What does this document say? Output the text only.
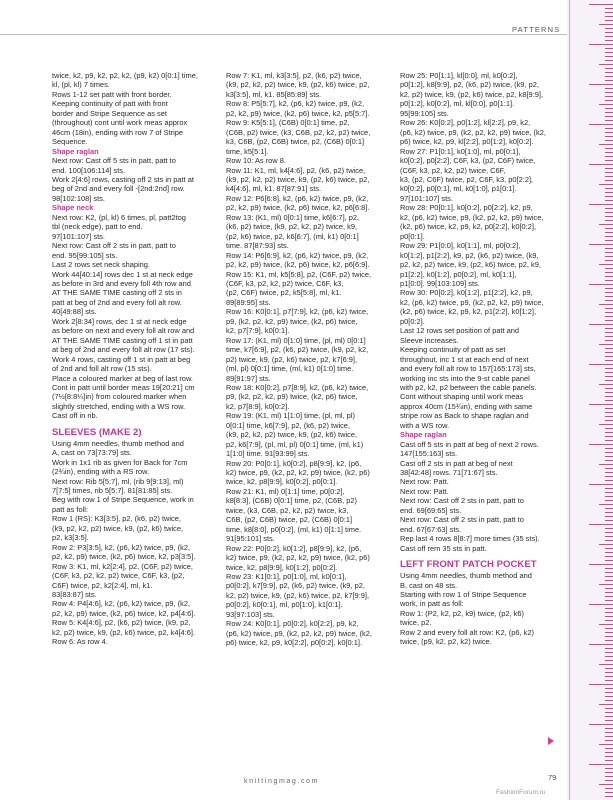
PATTERNS

twice, k2, p9, k2, p2, k2, (p9, k2) 0[0:1] time,

kl, (pl, kl) 7 times.

Rows 1-12 set patt with front border.

Keeping continuity of patt with front

border and Stripe Sequence as set

(throughout) cont until work meas approx

46cm (18in), ending with row 7 of Stripe

Sequence.

Shape raglan

Next row: Cast off 5 sts in patt, patt to

end. 100[106:114] sts.

Work 2[4:6] rows, casting off 2 sts in patt at

beg of 2nd and every foll -[2nd:2nd] row.

98[102:108] sts.

Shape neck

Next row: K2, (pl, kl) 6 times, pl, patt2tog

tbl (neck edge), patt to end.

97[101:107] sts.

Next row: Cast off 2 sts in patt, patt to

end. 95[99:105] sts.

Last 2 rows set neck shaping.

Work 44[40:14] rows dec 1 st at neck edge

as before in 3rd and every foll 4th row and

AT THE SAME TIME casting off 2 sts in

patt at beg of 2nd and every foll alt row.

40[49:88] sts.

Work 2[8:34] rows, dec 1 st at neck edge

as before on next and every foll alt row and

AT THE SAME TIME casting off 1 st in patt

at beg of 2nd and every foll alt row (17 sts).

Work 4 rows, casting off 1 st in patt at beg

of 2nd and foll alt row (15 sts).

Place a coloured marker at beg of last row.

Cont in patt until border meas 19[20:21] cm

(7½[8:8¼]in) from coloured marker when

slightly stretched, ending with a WS row.

Cast off in rib.

SLEEVES (MAKE 2)

Using 4mm needles, thumb method and

A, cast on 73[73:79] sts.

Work in 1x1 rib as given for Back for 7cm

(2¾in), ending with a RS row.

Next row: Rib 5[5:7], ml, (rib 9[9:13], ml)

7[7:5] times, rib 5[5:7]. 81[81:85] sts.

Beg with row 1 of Stripe Sequence, work in

patt as foll:

Row 1 (RS): K3[3:5], p2, (k6, p2) twice,

(k9, p2, k2, p2) twice, k9, (p2, k6) twice,

p2, k3[3:5].

Row 2: P3[3:5], k2, (p6, k2) twice, p9, (k2,

p2, k2, p9) twice, (k2, p6) twice, k2, p3[3:5].

Row 3: K1, ml, k2[2:4], p2, (C6F, p2) twice,

(C6F, k3, p2, k2, p2) twice, C6F, k3, (p2,

C6F) twice, p2, k2[2:4], ml, k1.

83[83:87] sts.

Row 4: P4[4:6], k2, (p6, k2) twice, p9, (k2,

p2, k2, p9) twice, (k2, p6) twice, k2, p4[4:6].

Row 5: K4[4:6], p2, (k6, p2) twice, (k9, p2,

k2, p2) twice, k9, (p2, k6) twice, p2, k4[4:6].

Row 6: As row 4.

Row 7: K1, ml, k3[3:5], p2, (k6, p2) twice,

(k9, p2, k2, p2) twice, k9, (p2, k6) twice, p2,

k3[3:5], ml, k1. 85[85:89] sts.

Row 8: P5[5:7], k2, (p6, k2) twice, p9, (k2,

p2, k2, p9) twice, (k2, p6) twice, k2, p5[5:7].

Row 9: K5[5:1], (C6B) 0[0:1] time, p2,

(C6B, p2) twice, (k3, C6B, p2, k2, p2) twice,

k3, C6B, (p2, C6B) twice, p2, (C6B) 0[0:1]

time, k5[5:1].

Row 10: As row 8.

Row 11: K1, ml, k4[4:6], p2, (k6, p2) twice,

(k9, p2, k2, p2) twice, k9, (p2, k6) twice, p2,

k4[4:6], ml, k1. 87[87:91] sts.

Row 12: P6[6:8], k2, (p6, k2) twice, p9, (k2,

p2, k2, p9) twice, (k2, p6) twice, k2, p6[6:8].

Row 13: (K1, ml) 0[0:1] time, k6[6:7], p2,

(k6, p2) twice, (k9, p2, k2, p2) twice, k9,

(p2, k6) twice, p2, k6[6:7], (ml, k1) 0[0:1]

time. 87[87:93] sts.

Row 14: P6[6:9], k2, (p6, k2) twice, p9, (k2,

p2, k2, p9) twice, (k2, p6) twice, k2, p6[6:9].

Row 15: K1, ml, k5[5:8], p2, (C6F, p2) twice,

(C6F, k3, p2, k2, p2) twice, C6F, k3,

(p2, C6F) twice, p2, k5[5:8], ml, k1.

89[89:95] sts.

Row 16: K0[0:1], p7[7:9], k2, (p6, k2) twice,

p9, (k2, p2, k2, p9) twice, (k2, p6) twice,

k2, p7[7:9], k0[0:1].

Row 17: (K1, ml) 0[1:0] time, (pl, ml) 0[0:1]

time, k7[6:9], p2, (k6, p2) twice, (k9, p2, k2,

p2) twice, k9, (p2, k6) twice, p2, k7[6:9],

(ml, pl) 0[0:1] time, (ml, k1) 0[1:0] time.

89[91:97] sts.

Row 18: K0[0:2], p7[8:9], k2, (p6, k2) twice,

p9, (k2, p2, k2, p9) twice, (k2, p6) twice,

k2, p7[8:9], k0[0:2].

Row 19: (K1, ml) 1[1:0] time, (pl, ml, pl)

0[0:1] time, k6[7:9], p2, (k6, p2) twice,

(k9, p2, k2, p2) twice, k9, (p2, k6) twice,

p2, k6[7:9], (pl, ml, pl) 0[0:1] time, (ml, k1)

1[1:0] time. 91[93:99] sts.

Row 20: P0[0:1], k0[0:2], p8[9:9], k2, (p6,

k2) twice, p9, (k2, p2, k2, p9) twice, (k2, p6)

twice, k2, p8[9:9], k0[0:2], p0[0:1].

Row 21: K1, ml) 0[1:1] time, p0[0:2],

k8[8:3], (C6B) 0[0:1] time, p2, (C6B, p2)

twice, (k3, C6B, p2, k2, p2) twice, k3,

C6B, (p2, C6B) twice, p2, (C6B) 0[0:1]

time, k8[8:0], p0[0:2], (ml, k1) 0[1:1] time.

91[95:101] sts.

Row 22: P0[0:2], k0[1:2], p8[9:9], k2, (p6,

k2) twice, p9, (k2, p2, k2, p9) twice, (k2, p6)

twice, k2, p8[9:9], k0[1:2], p0[0:2].

Row 23: K1[0:1], p0[1:0], ml, k0[0:1],

p0[0:2], k7[9:9], p2, (k6, p2) twice, (k9, p2,

k2, p2) twice, k9, (p2, k6) twice, p2, k7[9:9],

p0[0:2], k0[0:1], ml, p0[1:0], k1[0:1].

93[97:103] sts.

Row 24: K0[0:1], p0[0:2], k0[2:2], p9, k2,

(p6, k2) twice, p9, (k2, p2, k2, p9) twice, (k2,

p6) twice, k2, p9, k0[2:2], p0[0:2], k0[0:1].

Row 25: P0[1:1], kl[0:0], ml, k0[0:2],

p0[1:2], k8[9:9], p2, (k6, p2) twice, (k9, p2,

k2, p2) twice, k9, (p2, k6) twice, p2, k8[9:9],

p0[1:2], k0[0:2], ml, kl[0:0], p0[1:1].

95[99:105] sts.

Row 26: K0[0:2], p0[1:2], kl[2:2], p9, k2,

(p6, k2) twice, p9, (k2, p2, k2, p9) twice, (k2,

p6) twice, k2, p9, kl[2:2], p0[1:2], k0[0:2].

Row 27: P1[0:1], k0[1:0], ml, p0[0:1],

k0[0:2], p0[2:2], C6F, k3, (p2, C6F) twice,

(C6F, k3, p2, k2, p2) twice, C6F,

k3, (p2, C6F) twice, p2, C6F, k3, p0[2:2],

k0[0:2], p0[0:1], ml, k0[1:0], p1[0:1].

97[101:107] sts.

Row 28: P0[0:1], k0[0:2], p0[2:2], k2, p9,

k2, (p6, k2) twice, p9, (k2, p2, k2, p9) twice,

(k2, p6) twice, k2, p9, k2, p0[2:2], k0[0:2],

p0[0:1].

Row 29: P1[0:0], k0[1:1], ml, p0[0:2],

k0[1:2], p1[2:2], k9, p2, (k6, p2) twice, (k9,

p2, k2, p2) twice, k9, (p2, k6) twice, p2, k9,

p1[2:2], k0[1:2], p0[0:2], ml, k0[1:1],

p1[0:0]. 99[103:109] sts.

Row 30: P0[0:2], k0[1:2], p1[2:2], k2, p9,

k2, (p6, k2) twice, p9, (k2, p2, k2, p9) twice,

(k2, p6) twice, k2, p9, k2, p1[2:2], k0[1:2],

p0[0:2].

Last 12 rows set position of patt and

Sleeve increases.

Keeping continuity of patt as set

throughout, inc 1 st at each end of next

and every foll alt row to 157[165:173] sts,

working inc sts into the 9-st cable panel

with p2, k2, p2 between the cable panels.

Cont without shaping until work meas

approx 40cm (15¾in), ending with same

stripe row as Back to shape raglan and

with a WS row.

Shape raglan

Cast off 5 sts in patt at beg of next 2 rows.

147[155:163] sts.

Cast off 2 sts in patt at beg of next

38[42:48] rows. 71[71:67] sts.

Next row: Patt.

Next row: Patt.

Next row: Cast off 2 sts in patt, patt to

end. 69[69:65] sts.

Next row: Cast off 2 sts in patt, patt to

end. 67[67:63] sts.

Rep last 4 rows 8[8:7] more times (35 sts).

Cast off rem 35 sts in patt.

LEFT FRONT PATCH POCKET

Using 4mm needles, thumb method and

B, cast on 48 sts.

Starting with row 1 of Stripe Sequence

work, in patt as foll:

Row 1: (P2, k2, p2, k9) twice, (p2, k6)

twice, p2.

Row 2 and every foll alt row: K2, (p6, k2)

twice, (p9, k2, p2, k2) twice.

knittingmag.com	79
FashionForum.ru
